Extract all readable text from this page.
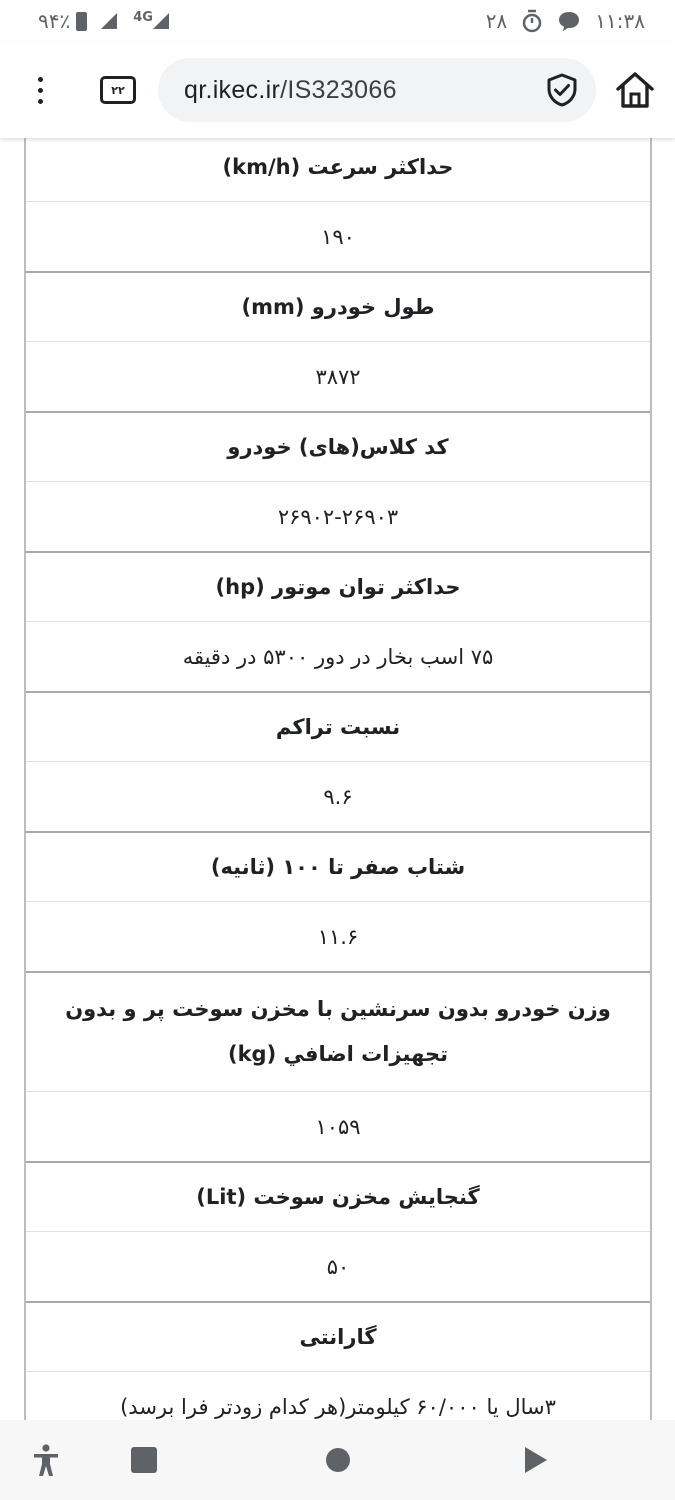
۹۴٪	4G	۲۸	۱۱:۳۸
۲۲ qr.ikec.ir/IS323066
حداکثر سرعت (km/h)
۱۹۰
طول خودرو (mm)
۳۸۷۲
کد کلاس(های) خودرو
۲۶۹۰۲-۲۶۹۰۳
حداکثر توان موتور (hp)
۷۵ اسب بخار در دور ۵۳۰۰ در دقیقه
نسبت تراکم
۹.۶
شتاب صفر تا ۱۰۰ (ثانیه)
۱۱.۶
وزن خودرو بدون سرنشین با مخزن سوخت پر و بدون تجهیزات اضافي (kg)
۱۰۵۹
گنجایش مخزن سوخت (Lit)
۵۰
گارانتی
۳سال یا ۶۰/۰۰۰ کیلومتر(هر کدام زودتر فرا برسد)
